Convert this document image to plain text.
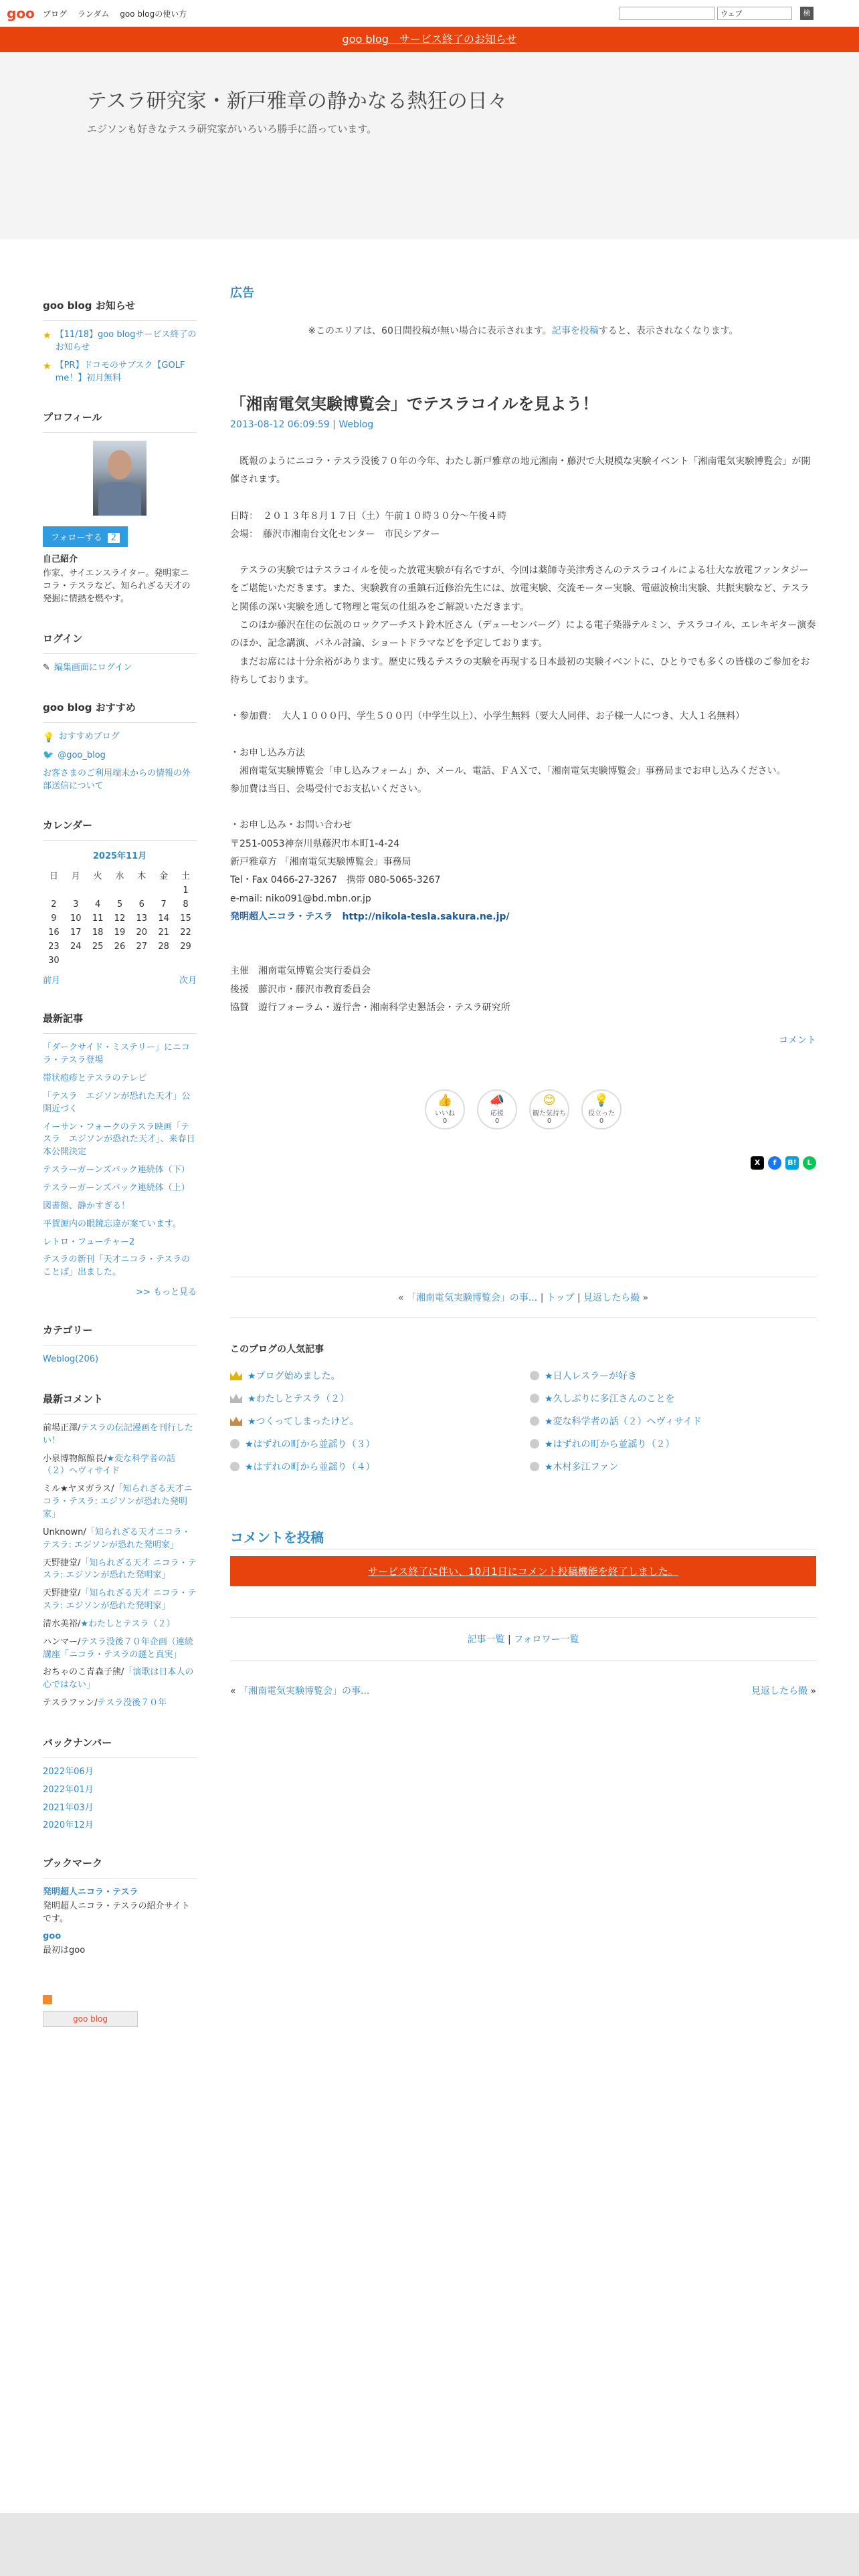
goo ブログ ランダム goo blogの使い方	ウェブ	検
goo blog　サービス終了のお知らせ
テスラ研究家・新戸雅章の静かなる熱狂の日々
エジソンも好きなテスラ研究家がいろいろ勝手に語っています。
goo blog お知らせ
★ 【11/18】goo blogサービス終了のお知らせ
★ 【PR】ドコモのサブスク【GOLF me！】初月無料
プロフィール
フォローする 2

自己紹介

作家、サイエンスライター。発明家ニコラ・テスラなど、知られざる天才の発掘に情熱を燃やす。

ログイン
✎ 編集画面にログイン
goo blog おすすめ
💡 おすすめブログ
🐦 @goo_blog
お客さまのご利用端末からの情報の外部送信について
カレンダー
2025年11月
日	月	火	水	木	金	土
						1
2	3	4	5	6	7	8
9	10	11	12	13	14	15
16	17	18	19	20	21	22
23	24	25	26	27	28	29
30						
前月	次月
最新記事
「ダークサイド・ミステリー」にニコラ・テスラ登場
帯状疱疹とテスラのテレビ
「テスラ　エジソンが恐れた天才」公開近づく
イーサン・フォークのテスラ映画「テスラ　エジソンが恐れた天才」、来春日本公開決定
テスラーガーンズバック連続体（下）
テスラーガーンズバック連続体（上）
図書館、静かすぎる！
平賀源内の眼鏡忘違が案ています。
レトロ・フューチャー2
テスラの新刊「天才ニコラ・テスラのことば」出ました。
>> もっと見る
カテゴリー
Weblog(206)
最新コメント
前場正澤/テスラの伝記漫画を刊行したい！
小泉博物館館長/★変な科学者の話（２）ヘヴィサイド
ミル★ヤヌガラス/「知られざる天才ニコラ・テスラ: エジソンが恐れた発明家」
Unknown/「知られざる天才ニコラ・テスラ: エジソンが恐れた発明家」
天野捷堂/「知られざる天才 ニコラ・テスラ: エジソンが恐れた発明家」
天野捷堂/「知られざる天才 ニコラ・テスラ: エジソンが恐れた発明家」
清水美裕/★わたしとテスラ（２）
ハンマー/テスラ没後７０年企画（連続講座「ニコラ・テスラの謎と真実」
おちゃのこ青森子熊/「演歌は日本人の心ではない」
テスラファン/テスラ没後７０年
バックナンバー
2022年06月
2022年01月
2021年03月
2020年12月
ブックマーク
発明超人ニコラ・テスラ

発明超人ニコラ・テスラの紹介サイトです。

goo

最初はgoo

goo blog
広告
※このエリアは、60日間投稿が無い場合に表示されます。記事を投稿すると、表示されなくなります。
「湘南電気実験博覧会」でテスラコイルを見よう！
2013-08-12 06:09:59 | Weblog

　既報のようにニコラ・テスラ没後７０年の今年、わたし新戸雅章の地元湘南・藤沢で大規模な実験イベント「湘南電気実験博覧会」が開催されます。

日時：　２０１３年８月１７日（土）午前１０時３０分〜午後４時

会場：　藤沢市湘南台文化センター　市民シアター

　テスラの実験ではテスラコイルを使った放電実験が有名ですが、今回は薬師寺美津秀さんのテスラコイルによる壮大な放電ファンタジーをご堪能いただきます。また、実験教育の重鎮石近修治先生には、放電実験、交流モーター実験、電磁波検出実験、共振実験など、テスラと関係の深い実験を通して物理と電気の仕組みをご解説いただきます。

　このほか藤沢在住の伝説のロックアーチスト鈴木匠さん（デューセンバーグ）による電子楽器テルミン、テスラコイル、エレキギター演奏のほか、記念講演、パネル討論、ショートドラマなどを予定しております。

　まだお席には十分余裕があります。歴史に残るテスラの実験を再現する日本最初の実験イベントに、ひとりでも多くの皆様のご参加をお待ちしております。

・参加費：　大人１０００円、学生５００円（中学生以上）、小学生無料（要大人同伴、お子様一人につき、大人１名無料）

・お申し込み方法

　湘南電気実験博覧会「申し込みフォーム」か、メール、電話、ＦＡＸで、「湘南電気実験博覧会」事務局までお申し込みください。

参加費は当日、会場受付でお支払いください。

・お申し込み・お問い合わせ

〒251-0053神奈川県藤沢市本町1-4-24

新戸雅章方 「湘南電気実験博覧会」事務局

Tel・Fax 0466-27-3267　携帯 080-5065-3267

e-mail: niko091@bd.mbn.or.jp

発明超人ニコラ・テスラ　http://nikola-tesla.sakura.ne.jp/

主催　湘南電気博覧会実行委員会

後援　藤沢市・藤沢市教育委員会

協賛　遊行フォーラム・遊行舎・湘南科学史懇話会・テスラ研究所

コメント
👍
いいね
0
📣
応援
0
😊
観た気持ち
0
💡
役立った
0
X	f	B!	L
« 「湘南電気実験博覧会」の事... | トップ | 見返したら撮 »
このブログの人気記事
★ブログ始めました。	★日人レスラーが好き
★わたしとテスラ（２）	★久しぶりに多江さんのことを
★つくってしまったけど。	★変な科学者の話（２）ヘヴィサイド
★はずれの町から並謡り（３）	★はずれの町から並謡り（２）
★はずれの町から並謡り（４）	★木村多江ファン
コメントを投稿
サービス終了に伴い、10月1日にコメント投稿機能を終了しました。
記事一覧 | フォロワー一覧
« 「湘南電気実験博覧会」の事...	見返したら撮 »
